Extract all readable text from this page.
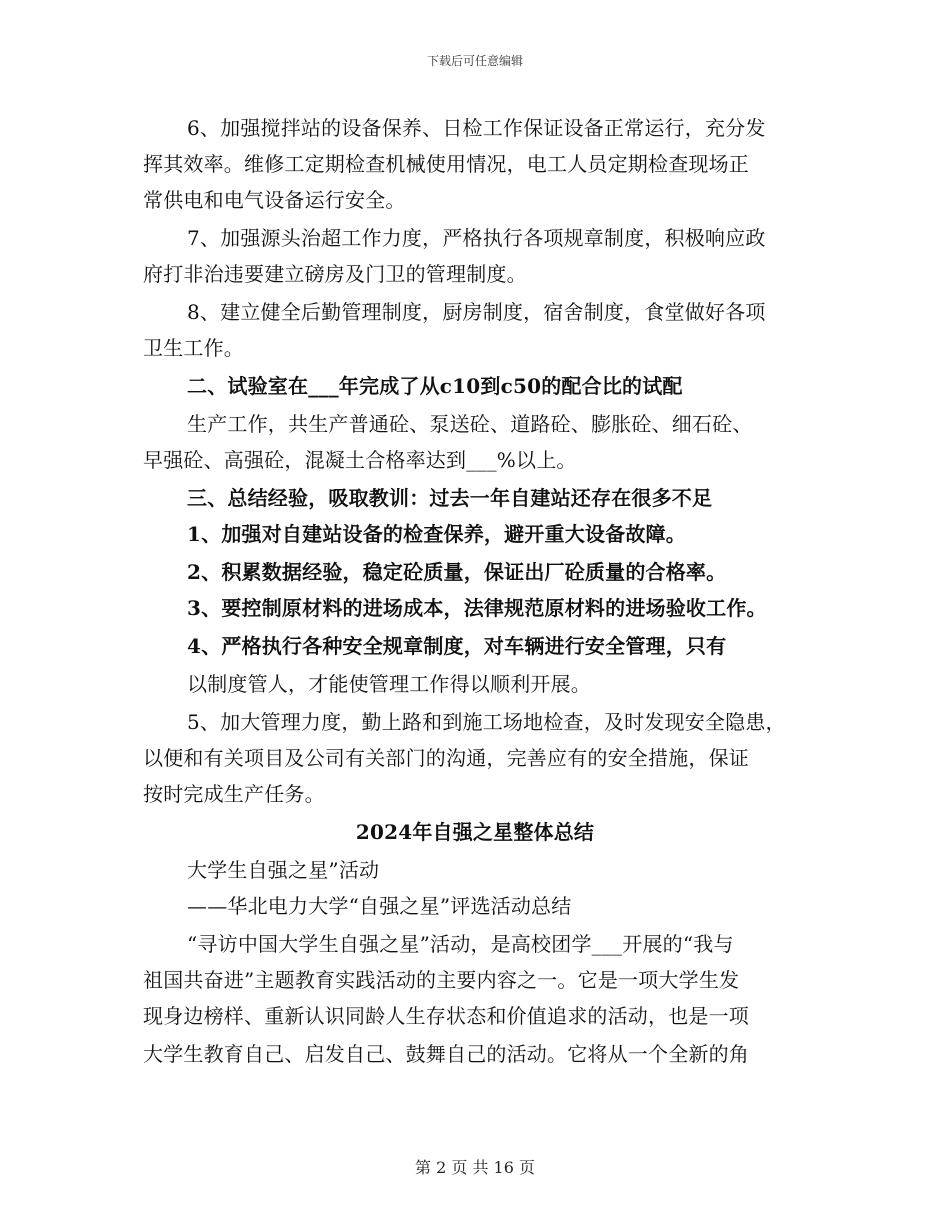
下载后可任意编辑
6、加强搅拌站的设备保养、日检工作保证设备正常运行，充分发
挥其效率。维修工定期检查机械使用情况，电工人员定期检查现场正
常供电和电气设备运行安全。
7、加强源头治超工作力度，严格执行各项规章制度，积极响应政
府打非治违要建立磅房及门卫的管理制度。
8、建立健全后勤管理制度，厨房制度，宿舍制度，食堂做好各项
卫生工作。
二、试验室在___年完成了从c10到c50的配合比的试配
生产工作，共生产普通砼、泵送砼、道路砼、膨胀砼、细石砼、
早强砼、高强砼，混凝土合格率达到___%以上。
三、总结经验，吸取教训：过去一年自建站还存在很多不足
1、加强对自建站设备的检查保养，避开重大设备故障。
2、积累数据经验，稳定砼质量，保证出厂砼质量的合格率。
3、要控制原材料的进场成本，法律规范原材料的进场验收工作。
4、严格执行各种安全规章制度，对车辆进行安全管理，只有
以制度管人，才能使管理工作得以顺利开展。
5、加大管理力度，勤上路和到施工场地检查，及时发现安全隐患，
以便和有关项目及公司有关部门的沟通，完善应有的安全措施，保证
按时完成生产任务。
2024年自强之星整体总结
大学生自强之星”活动
——华北电力大学“自强之星”评选活动总结
“寻访中国大学生自强之星”活动，是高校团学___开展的“我与
祖国共奋进”主题教育实践活动的主要内容之一。它是一项大学生发
现身边榜样、重新认识同龄人生存状态和价值追求的活动，也是一项
大学生教育自己、启发自己、鼓舞自己的活动。它将从一个全新的角
第 2 页 共 16 页
